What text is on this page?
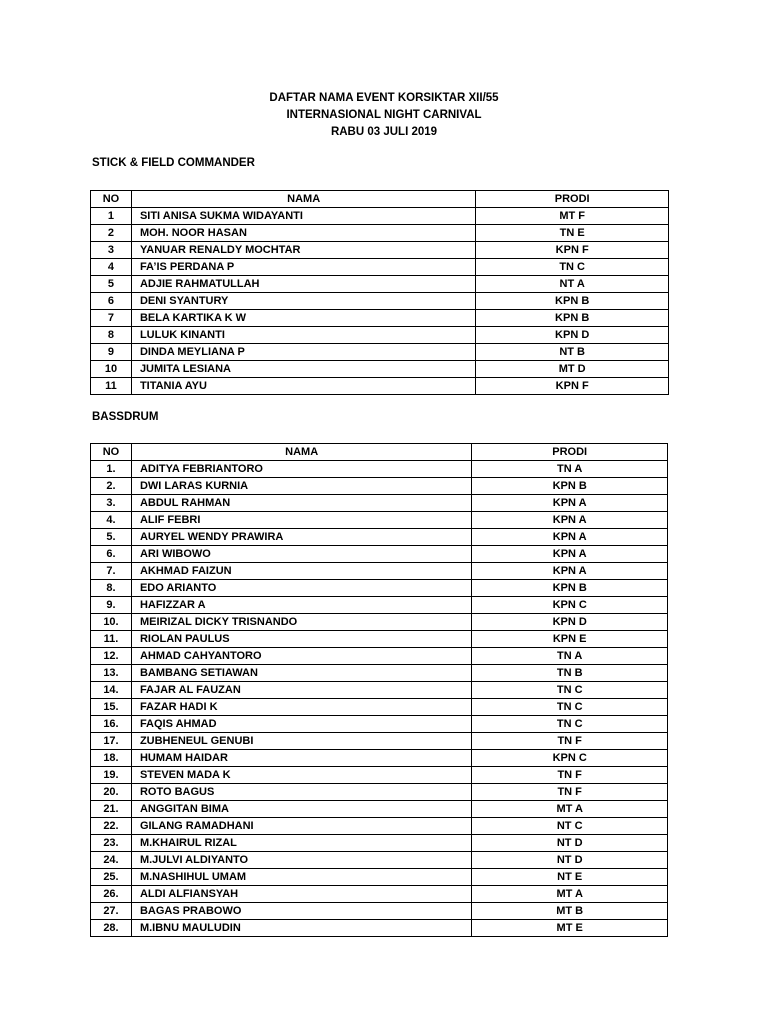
DAFTAR NAMA EVENT KORSIKTAR XII/55
INTERNASIONAL NIGHT CARNIVAL
RABU 03 JULI 2019
STICK & FIELD COMMANDER
NO	NAMA	PRODI
1	SITI ANISA SUKMA WIDAYANTI	MT F
2	MOH. NOOR HASAN	TN E
3	YANUAR RENALDY MOCHTAR	KPN F
4	FA’IS PERDANA P	TN C
5	ADJIE RAHMATULLAH	NT A
6	DENI SYANTURY	KPN B
7	BELA KARTIKA K W	KPN B
8	LULUK KINANTI	KPN D
9	DINDA MEYLIANA P	NT B
10	JUMITA LESIANA	MT D
11	TITANIA AYU	KPN F
BASSDRUM
NO	NAMA	PRODI
1.	ADITYA FEBRIANTORO	TN A
2.	DWI LARAS KURNIA	KPN B
3.	ABDUL RAHMAN	KPN A
4.	ALIF FEBRI	KPN A
5.	AURYEL WENDY PRAWIRA	KPN A
6.	ARI WIBOWO	KPN A
7.	AKHMAD FAIZUN	KPN A
8.	EDO ARIANTO	KPN B
9.	HAFIZZAR A	KPN C
10.	MEIRIZAL DICKY TRISNANDO	KPN D
11.	RIOLAN PAULUS	KPN E
12.	AHMAD CAHYANTORO	TN A
13.	BAMBANG SETIAWAN	TN B
14.	FAJAR AL FAUZAN	TN C
15.	FAZAR HADI K	TN C
16.	FAQIS AHMAD	TN C
17.	ZUBHENEUL GENUBI	TN F
18.	HUMAM HAIDAR	KPN C
19.	STEVEN MADA K	TN F
20.	ROTO BAGUS	TN F
21.	ANGGITAN BIMA	MT A
22.	GILANG RAMADHANI	NT C
23.	M.KHAIRUL RIZAL	NT D
24.	M.JULVI ALDIYANTO	NT D
25.	M.NASHIHUL UMAM	NT E
26.	ALDI ALFIANSYAH	MT A
27.	BAGAS PRABOWO	MT B
28.	M.IBNU MAULUDIN	MT E
